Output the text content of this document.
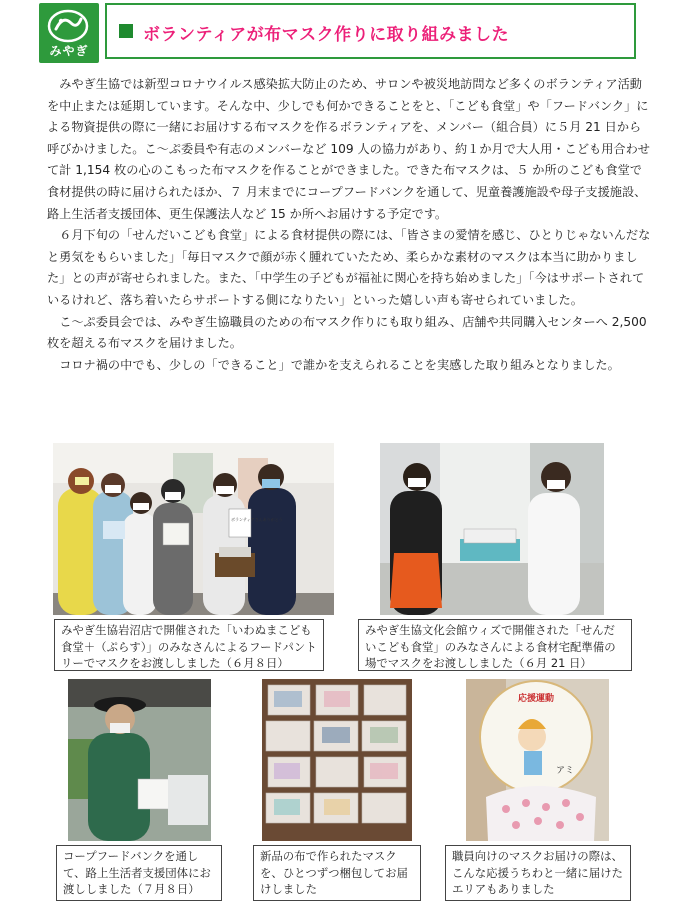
みやぎ
ボランティアが布マスク作りに取り組みました

みやぎ生協では新型コロナウイルス感染拡大防止のため、サロンや被災地訪問など多くのボランティア活動を中止または延期しています。そんな中、少しでも何かできることをと、「こども食堂」や「フードバンク」による物資提供の際に一緒にお届けする布マスクを作るボランティアを、メンバー（組合員）に５月 21 日から呼びかけました。こ～ぷ委員や有志のメンバーなど 109 人の協力があり、約１か月で大人用・こども用合わせて計 1,154 枚の心のこもった布マスクを作ることができました。できた布マスクは、５ か所のこども食堂で食材提供の時に届けられたほか、７ 月末までにコープフードバンクを通して、児童養護施設や母子支援施設、路上生活者支援団体、更生保護法人など 15 か所へお届けする予定です。

６月下旬の「せんだいこども食堂」による食材提供の際には、「皆さまの愛情を感じ、ひとりじゃないんだなと勇気をもらいました」「毎日マスクで顔が赤く腫れていたため、柔らかな素材のマスクは本当に助かりました」との声が寄せられました。また、「中学生の子どもが福祉に関心を持ち始めました」「今はサポートされているけれど、落ち着いたらサポートする側になりたい」といった嬉しい声も寄せられていました。

こ～ぷ委員会では、みやぎ生協職員のための布マスク作りにも取り組み、店舗や共同購入センターへ 2,500 枚を超える布マスクを届けました。

コロナ禍の中でも、少しの「できること」で誰かを支えられることを実感した取り組みとなりました。

ボランティアさんありがとう
応援運動
アミ
みやぎ生協岩沼店で開催された「いわぬまこども食堂＋（ぷらす）」のみなさんによるフードパントリーでマスクをお渡ししました（６月８日）
みやぎ生協文化会館ウィズで開催された「せんだいこども食堂」のみなさんによる食材宅配準備の場でマスクをお渡ししました（６月 21 日）
コープフードバンクを通して、路上生活者支援団体にお渡ししました（７月８日）
新品の布で作られたマスクを、ひとつずつ梱包してお届けしました
職員向けのマスクお届けの際は、こんな応援うちわと一緒に届けたエリアもありました
